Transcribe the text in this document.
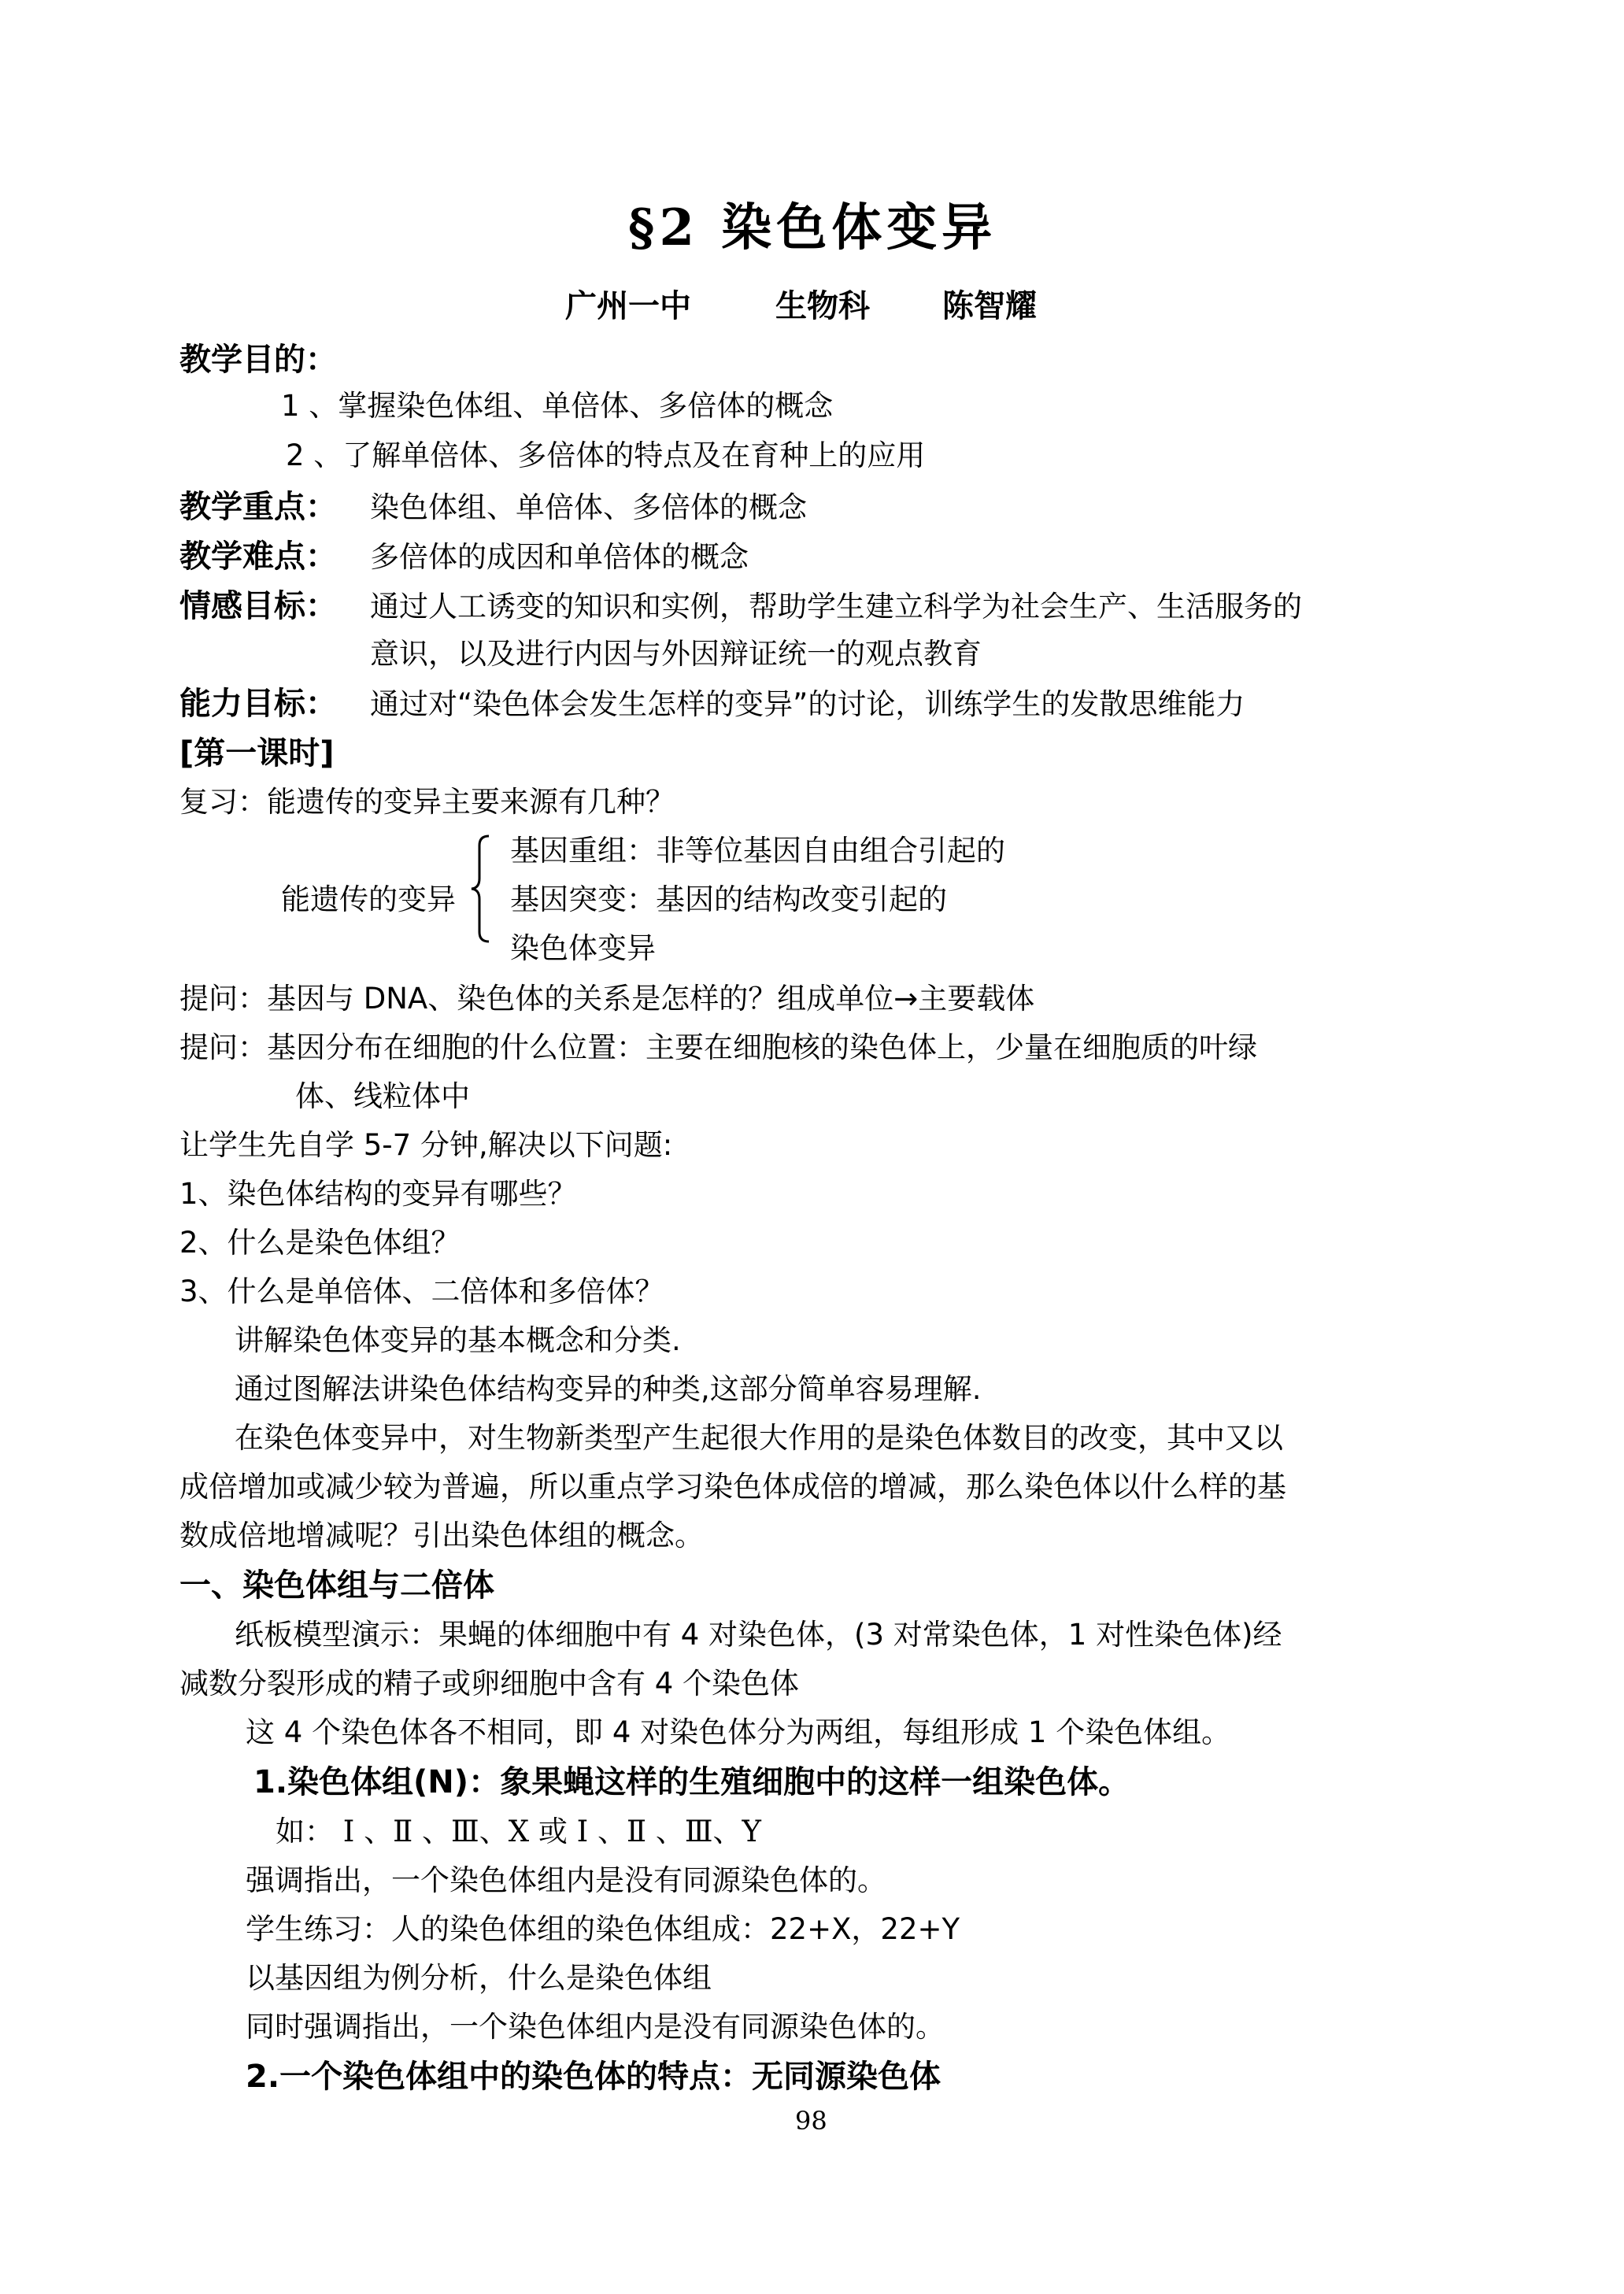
§2 染色体变异
广州一中	生物科 陈智耀
教学目的：
1 、掌握染色体组、单倍体、多倍体的概念
2 、了解单倍体、多倍体的特点及在育种上的应用
教学重点： 染色体组、单倍体、多倍体的概念
教学难点： 多倍体的成因和单倍体的概念
情感目标： 通过人工诱变的知识和实例，帮助学生建立科学为社会生产、生活服务的
意识，以及进行内因与外因辩证统一的观点教育
能力目标： 通过对“染色体会发生怎样的变异”的讨论，训练学生的发散思维能力
[第一课时]
复习：能遗传的变异主要来源有几种？
能遗传的变异
基因重组：非等位基因自由组合引起的
基因突变：基因的结构改变引起的
染色体变异
提问：基因与 DNA、染色体的关系是怎样的？组成单位→主要载体
提问：基因分布在细胞的什么位置：主要在细胞核的染色体上，少量在细胞质的叶绿
体、线粒体中
让学生先自学 5-7 分钟,解决以下问题:
1、染色体结构的变异有哪些？
2、什么是染色体组？
3、什么是单倍体、二倍体和多倍体？
讲解染色体变异的基本概念和分类.
通过图解法讲染色体结构变异的种类,这部分简单容易理解.
在染色体变异中，对生物新类型产生起很大作用的是染色体数目的改变，其中又以
成倍增加或减少较为普遍，所以重点学习染色体成倍的增减，那么染色体以什么样的基
数成倍地增减呢？引出染色体组的概念。
一、染色体组与二倍体
纸板模型演示：果蝇的体细胞中有 4 对染色体，(3 对常染色体，1 对性染色体)经
减数分裂形成的精子或卵细胞中含有 4 个染色体
这 4 个染色体各不相同，即 4 对染色体分为两组，每组形成 1 个染色体组。
1.染色体组(N)：象果蝇这样的生殖细胞中的这样一组染色体。
如： Ⅰ 、Ⅱ 、Ⅲ、X 或 Ⅰ 、Ⅱ 、Ⅲ、Y
强调指出，一个染色体组内是没有同源染色体的。
学生练习：人的染色体组的染色体组成：22+X，22+Y
以基因组为例分析，什么是染色体组
同时强调指出，一个染色体组内是没有同源染色体的。
2.一个染色体组中的染色体的特点：无同源染色体
98
